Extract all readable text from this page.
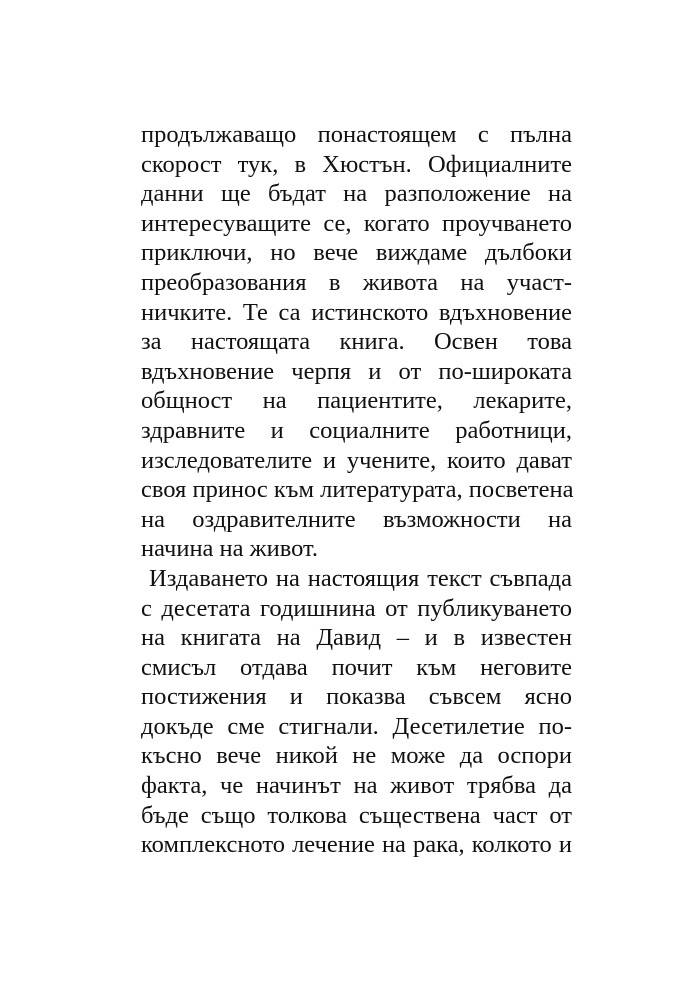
продължаващо понастоящем с пълна
скорост тук, в Хюстън. Официалните
данни ще бъдат на разположение на
интересуващите се, когато проучването
приключи, но вече виждаме дълбоки
преобразования в живота на участ-
ничките. Те са истинското вдъхновение
за настоящата книга. Освен това
вдъхновение черпя и от по-широката
общност на пациентите, лекарите,
здравните и социалните работници,
изследователите и учените, които дават
своя принос към литературата, посветена
на оздравителните възможности на
начина на живот.
Издаването на настоящия текст съвпада
с десетата годишнина от публикуването
на книгата на Давид – и в известен
смисъл отдава почит към неговите
постижения и показва съвсем ясно
докъде сме стигнали. Десетилетие по-
късно вече никой не може да оспори
факта, че начинът на живот трябва да
бъде също толкова съществена част от
комплексното лечение на рака, колкото и
